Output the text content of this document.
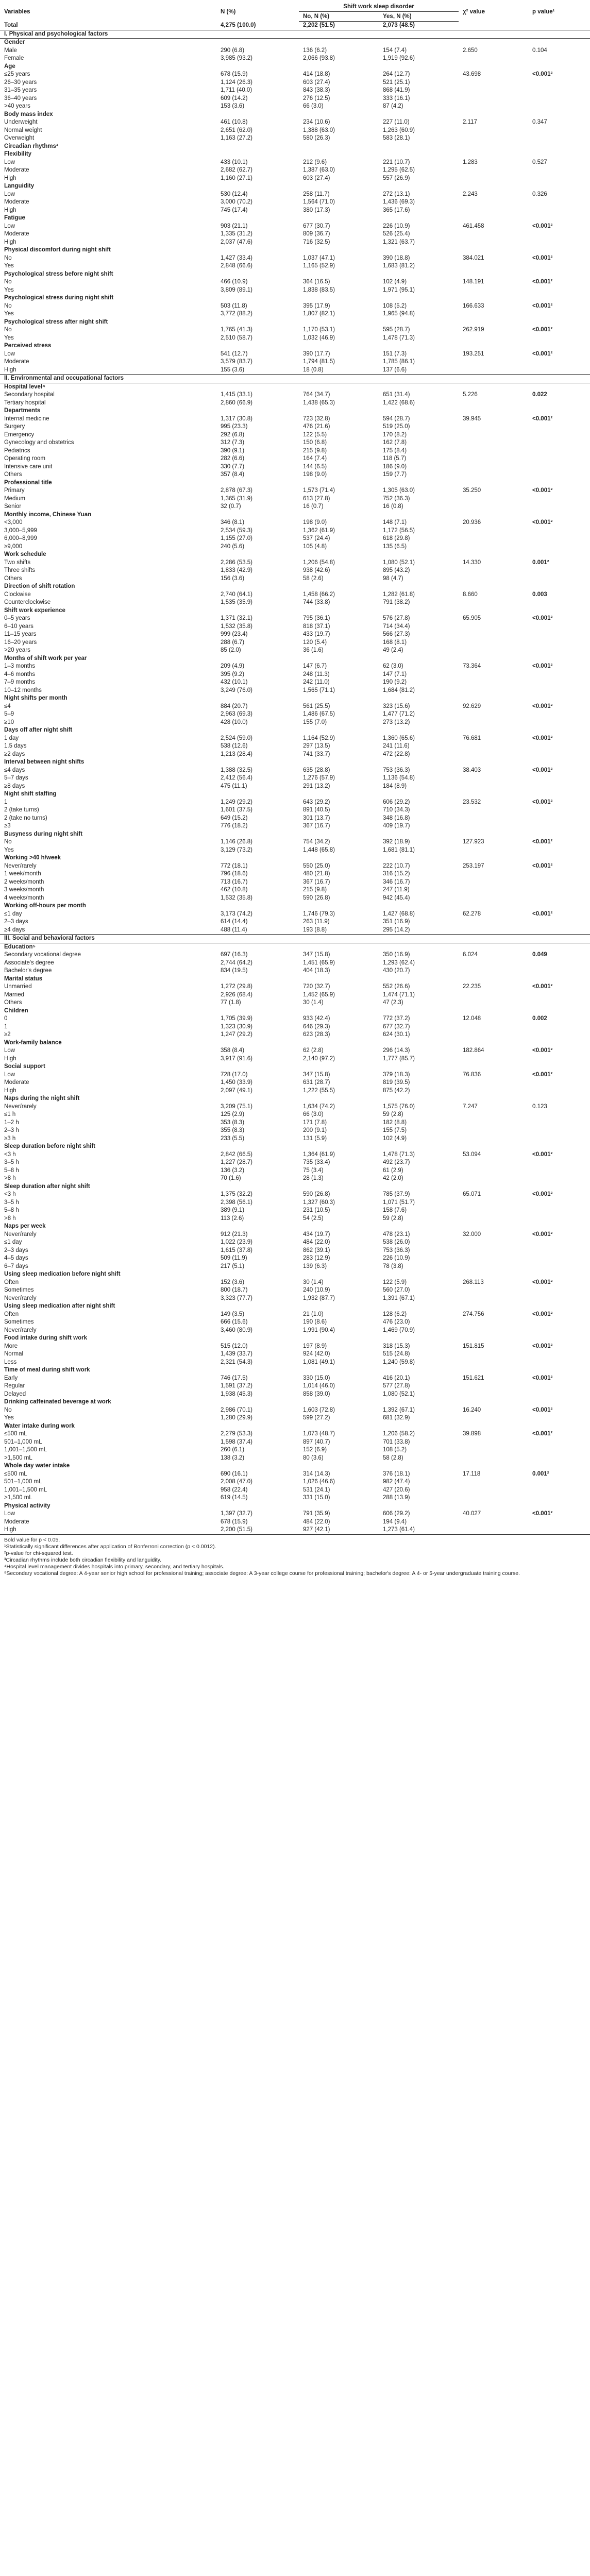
Variables	N (%)	Shift work sleep disorder		χ² value	p value¹
		No, N (%)	Yes, N (%)		
Total	4,275 (100.0)	2,202 (51.5)	2,073 (48.5)		
I. Physical and psychological factors					
Gender					
Male	290 (6.8)	136 (6.2)	154 (7.4)	2.650	0.104
Female	3,985 (93.2)	2,066 (93.8)	1,919 (92.6)		
Age					
≤25 years	678 (15.9)	414 (18.8)	264 (12.7)	43.698	<0.001²
26–30 years	1,124 (26.3)	603 (27.4)	521 (25.1)		
31–35 years	1,711 (40.0)	843 (38.3)	868 (41.9)		
36–40 years	609 (14.2)	276 (12.5)	333 (16.1)		
>40 years	153 (3.6)	66 (3.0)	87 (4.2)		
Body mass index					
Underweight	461 (10.8)	234 (10.6)	227 (11.0)	2.117	0.347
Normal weight	2,651 (62.0)	1,388 (63.0)	1,263 (60.9)		
Overweight	1,163 (27.2)	580 (26.3)	583 (28.1)		
Circadian rhythms³					
Flexibility					
Low	433 (10.1)	212 (9.6)	221 (10.7)	1.283	0.527
Moderate	2,682 (62.7)	1,387 (63.0)	1,295 (62.5)		
High	1,160 (27.1)	603 (27.4)	557 (26.9)		
Languidity					
Low	530 (12.4)	258 (11.7)	272 (13.1)	2.243	0.326
Moderate	3,000 (70.2)	1,564 (71.0)	1,436 (69.3)		
High	745 (17.4)	380 (17.3)	365 (17.6)		
Fatigue					
Low	903 (21.1)	677 (30.7)	226 (10.9)	461.458	<0.001²
Moderate	1,335 (31.2)	809 (36.7)	526 (25.4)		
High	2,037 (47.6)	716 (32.5)	1,321 (63.7)		
Physical discomfort during night shift					
No	1,427 (33.4)	1,037 (47.1)	390 (18.8)	384.021	<0.001²
Yes	2,848 (66.6)	1,165 (52.9)	1,683 (81.2)		
Psychological stress before night shift					
No	466 (10.9)	364 (16.5)	102 (4.9)	148.191	<0.001²
Yes	3,809 (89.1)	1,838 (83.5)	1,971 (95.1)		
Psychological stress during night shift					
No	503 (11.8)	395 (17.9)	108 (5.2)	166.633	<0.001²
Yes	3,772 (88.2)	1,807 (82.1)	1,965 (94.8)		
Psychological stress after night shift					
No	1,765 (41.3)	1,170 (53.1)	595 (28.7)	262.919	<0.001²
Yes	2,510 (58.7)	1,032 (46.9)	1,478 (71.3)		
Perceived stress					
Low	541 (12.7)	390 (17.7)	151 (7.3)	193.251	<0.001²
Moderate	3,579 (83.7)	1,794 (81.5)	1,785 (86.1)		
High	155 (3.6)	18 (0.8)	137 (6.6)		
II. Environmental and occupational factors					
Hospital level⁴					
Secondary hospital	1,415 (33.1)	764 (34.7)	651 (31.4)	5.226	0.022
Tertiary hospital	2,860 (66.9)	1,438 (65.3)	1,422 (68.6)		
Departments					
Internal medicine	1,317 (30.8)	723 (32.8)	594 (28.7)	39.945	<0.001²
Surgery	995 (23.3)	476 (21.6)	519 (25.0)		
Emergency	292 (6.8)	122 (5.5)	170 (8.2)		
Gynecology and obstetrics	312 (7.3)	150 (6.8)	162 (7.8)		
Pediatrics	390 (9.1)	215 (9.8)	175 (8.4)		
Operating room	282 (6.6)	164 (7.4)	118 (5.7)		
Intensive care unit	330 (7.7)	144 (6.5)	186 (9.0)		
Others	357 (8.4)	198 (9.0)	159 (7.7)		
Professional title					
Primary	2,878 (67.3)	1,573 (71.4)	1,305 (63.0)	35.250	<0.001²
Medium	1,365 (31.9)	613 (27.8)	752 (36.3)		
Senior	32 (0.7)	16 (0.7)	16 (0.8)		
Monthly income, Chinese Yuan					
<3,000	346 (8.1)	198 (9.0)	148 (7.1)	20.936	<0.001²
3,000–5,999	2,534 (59.3)	1,362 (61.9)	1,172 (56.5)		
6,000–8,999	1,155 (27.0)	537 (24.4)	618 (29.8)		
≥9,000	240 (5.6)	105 (4.8)	135 (6.5)		
Work schedule					
Two shifts	2,286 (53.5)	1,206 (54.8)	1,080 (52.1)	14.330	0.001²
Three shifts	1,833 (42.9)	938 (42.6)	895 (43.2)		
Others	156 (3.6)	58 (2.6)	98 (4.7)		
Direction of shift rotation					
Clockwise	2,740 (64.1)	1,458 (66.2)	1,282 (61.8)	8.660	0.003
Counterclockwise	1,535 (35.9)	744 (33.8)	791 (38.2)		
Shift work experience					
0–5 years	1,371 (32.1)	795 (36.1)	576 (27.8)	65.905	<0.001²
6–10 years	1,532 (35.8)	818 (37.1)	714 (34.4)		
11–15 years	999 (23.4)	433 (19.7)	566 (27.3)		
16–20 years	288 (6.7)	120 (5.4)	168 (8.1)		
>20 years	85 (2.0)	36 (1.6)	49 (2.4)		
Months of shift work per year					
1–3 months	209 (4.9)	147 (6.7)	62 (3.0)	73.364	<0.001²
4–6 months	395 (9.2)	248 (11.3)	147 (7.1)		
7–9 months	432 (10.1)	242 (11.0)	190 (9.2)		
10–12 months	3,249 (76.0)	1,565 (71.1)	1,684 (81.2)		
Night shifts per month					
≤4	884 (20.7)	561 (25.5)	323 (15.6)	92.629	<0.001²
5–9	2,963 (69.3)	1,486 (67.5)	1,477 (71.2)		
≥10	428 (10.0)	155 (7.0)	273 (13.2)		
Days off after night shift					
1 day	2,524 (59.0)	1,164 (52.9)	1,360 (65.6)	76.681	<0.001²
1.5 days	538 (12.6)	297 (13.5)	241 (11.6)		
≥2 days	1,213 (28.4)	741 (33.7)	472 (22.8)		
Interval between night shifts					
≤4 days	1,388 (32.5)	635 (28.8)	753 (36.3)	38.403	<0.001²
5–7 days	2,412 (56.4)	1,276 (57.9)	1,136 (54.8)		
≥8 days	475 (11.1)	291 (13.2)	184 (8.9)		
Night shift staffing					
1	1,249 (29.2)	643 (29.2)	606 (29.2)	23.532	<0.001²
2 (take turns)	1,601 (37.5)	891 (40.5)	710 (34.3)		
2 (take no turns)	649 (15.2)	301 (13.7)	348 (16.8)		
≥3	776 (18.2)	367 (16.7)	409 (19.7)		
Busyness during night shift					
No	1,146 (26.8)	754 (34.2)	392 (18.9)	127.923	<0.001²
Yes	3,129 (73.2)	1,448 (65.8)	1,681 (81.1)		
Working >40 h/week					
Never/rarely	772 (18.1)	550 (25.0)	222 (10.7)	253.197	<0.001²
1 week/month	796 (18.6)	480 (21.8)	316 (15.2)		
2 weeks/month	713 (16.7)	367 (16.7)	346 (16.7)		
3 weeks/month	462 (10.8)	215 (9.8)	247 (11.9)		
4 weeks/month	1,532 (35.8)	590 (26.8)	942 (45.4)		
Working off-hours per month					
≤1 day	3,173 (74.2)	1,746 (79.3)	1,427 (68.8)	62.278	<0.001²
2–3 days	614 (14.4)	263 (11.9)	351 (16.9)		
≥4 days	488 (11.4)	193 (8.8)	295 (14.2)		
III. Social and behavioral factors					
Education⁵					
Secondary vocational degree	697 (16.3)	347 (15.8)	350 (16.9)	6.024	0.049
Associate's degree	2,744 (64.2)	1,451 (65.9)	1,293 (62.4)		
Bachelor's degree	834 (19.5)	404 (18.3)	430 (20.7)		
Marital status					
Unmarried	1,272 (29.8)	720 (32.7)	552 (26.6)	22.235	<0.001²
Married	2,926 (68.4)	1,452 (65.9)	1,474 (71.1)		
Others	77 (1.8)	30 (1.4)	47 (2.3)		
Children					
0	1,705 (39.9)	933 (42.4)	772 (37.2)	12.048	0.002
1	1,323 (30.9)	646 (29.3)	677 (32.7)		
≥2	1,247 (29.2)	623 (28.3)	624 (30.1)		
Work-family balance					
Low	358 (8.4)	62 (2.8)	296 (14.3)	182.864	<0.001²
High	3,917 (91.6)	2,140 (97.2)	1,777 (85.7)		
Social support					
Low	728 (17.0)	347 (15.8)	379 (18.3)	76.836	<0.001²
Moderate	1,450 (33.9)	631 (28.7)	819 (39.5)		
High	2,097 (49.1)	1,222 (55.5)	875 (42.2)		
Naps during the night shift					
Never/rarely	3,209 (75.1)	1,634 (74.2)	1,575 (76.0)	7.247	0.123
≤1 h	125 (2.9)	66 (3.0)	59 (2.8)		
1–2 h	353 (8.3)	171 (7.8)	182 (8.8)		
2–3 h	355 (8.3)	200 (9.1)	155 (7.5)		
≥3 h	233 (5.5)	131 (5.9)	102 (4.9)		
Sleep duration before night shift					
<3 h	2,842 (66.5)	1,364 (61.9)	1,478 (71.3)	53.094	<0.001²
3–5 h	1,227 (28.7)	735 (33.4)	492 (23.7)		
5–8 h	136 (3.2)	75 (3.4)	61 (2.9)		
>8 h	70 (1.6)	28 (1.3)	42 (2.0)		
Sleep duration after night shift					
<3 h	1,375 (32.2)	590 (26.8)	785 (37.9)	65.071	<0.001²
3–5 h	2,398 (56.1)	1,327 (60.3)	1,071 (51.7)		
5–8 h	389 (9.1)	231 (10.5)	158 (7.6)		
>8 h	113 (2.6)	54 (2.5)	59 (2.8)		
Naps per week					
Never/rarely	912 (21.3)	434 (19.7)	478 (23.1)	32.000	<0.001²
≤1 day	1,022 (23.9)	484 (22.0)	538 (26.0)		
2–3 days	1,615 (37.8)	862 (39.1)	753 (36.3)		
4–5 days	509 (11.9)	283 (12.9)	226 (10.9)		
6–7 days	217 (5.1)	139 (6.3)	78 (3.8)		
Using sleep medication before night shift					
Often	152 (3.6)	30 (1.4)	122 (5.9)	268.113	<0.001²
Sometimes	800 (18.7)	240 (10.9)	560 (27.0)		
Never/rarely	3,323 (77.7)	1,932 (87.7)	1,391 (67.1)		
Using sleep medication after night shift					
Often	149 (3.5)	21 (1.0)	128 (6.2)	274.756	<0.001²
Sometimes	666 (15.6)	190 (8.6)	476 (23.0)		
Never/rarely	3,460 (80.9)	1,991 (90.4)	1,469 (70.9)		
Food intake during shift work					
More	515 (12.0)	197 (8.9)	318 (15.3)	151.815	<0.001²
Normal	1,439 (33.7)	924 (42.0)	515 (24.8)		
Less	2,321 (54.3)	1,081 (49.1)	1,240 (59.8)		
Time of meal during shift work					
Early	746 (17.5)	330 (15.0)	416 (20.1)	151.621	<0.001²
Regular	1,591 (37.2)	1,014 (46.0)	577 (27.8)		
Delayed	1,938 (45.3)	858 (39.0)	1,080 (52.1)		
Drinking caffeinated beverage at work					
No	2,986 (70.1)	1,603 (72.8)	1,392 (67.1)	16.240	<0.001²
Yes	1,280 (29.9)	599 (27.2)	681 (32.9)		
Water intake during work					
≤500 mL	2,279 (53.3)	1,073 (48.7)	1,206 (58.2)	39.898	<0.001²
501–1,000 mL	1,598 (37.4)	897 (40.7)	701 (33.8)		
1,001–1,500 mL	260 (6.1)	152 (6.9)	108 (5.2)		
>1,500 mL	138 (3.2)	80 (3.6)	58 (2.8)		
Whole day water intake					
≤500 mL	690 (16.1)	314 (14.3)	376 (18.1)	17.118	0.001²
501–1,000 mL	2,008 (47.0)	1,026 (46.6)	982 (47.4)		
1,001–1,500 mL	958 (22.4)	531 (24.1)	427 (20.6)		
>1,500 mL	619 (14.5)	331 (15.0)	288 (13.9)		
Physical activity					
Low	1,397 (32.7)	791 (35.9)	606 (29.2)	40.027	<0.001²
Moderate	678 (15.9)	484 (22.0)	194 (9.4)		
High	2,200 (51.5)	927 (42.1)	1,273 (61.4)		
Bold value for p < 0.05.
¹Statistically significant differences after application of Bonferroni correction (p < 0.0012).
²p-value for chi-squared test.
³Circadian rhythms include both circadian flexibility and languidity.
⁴Hospital level management divides hospitals into primary, secondary, and tertiary hospitals.
⁵Secondary vocational degree: A 4-year senior high school for professional training; associate degree: A 3-year college course for professional training; bachelor's degree: A 4- or 5-year undergraduate training course.
